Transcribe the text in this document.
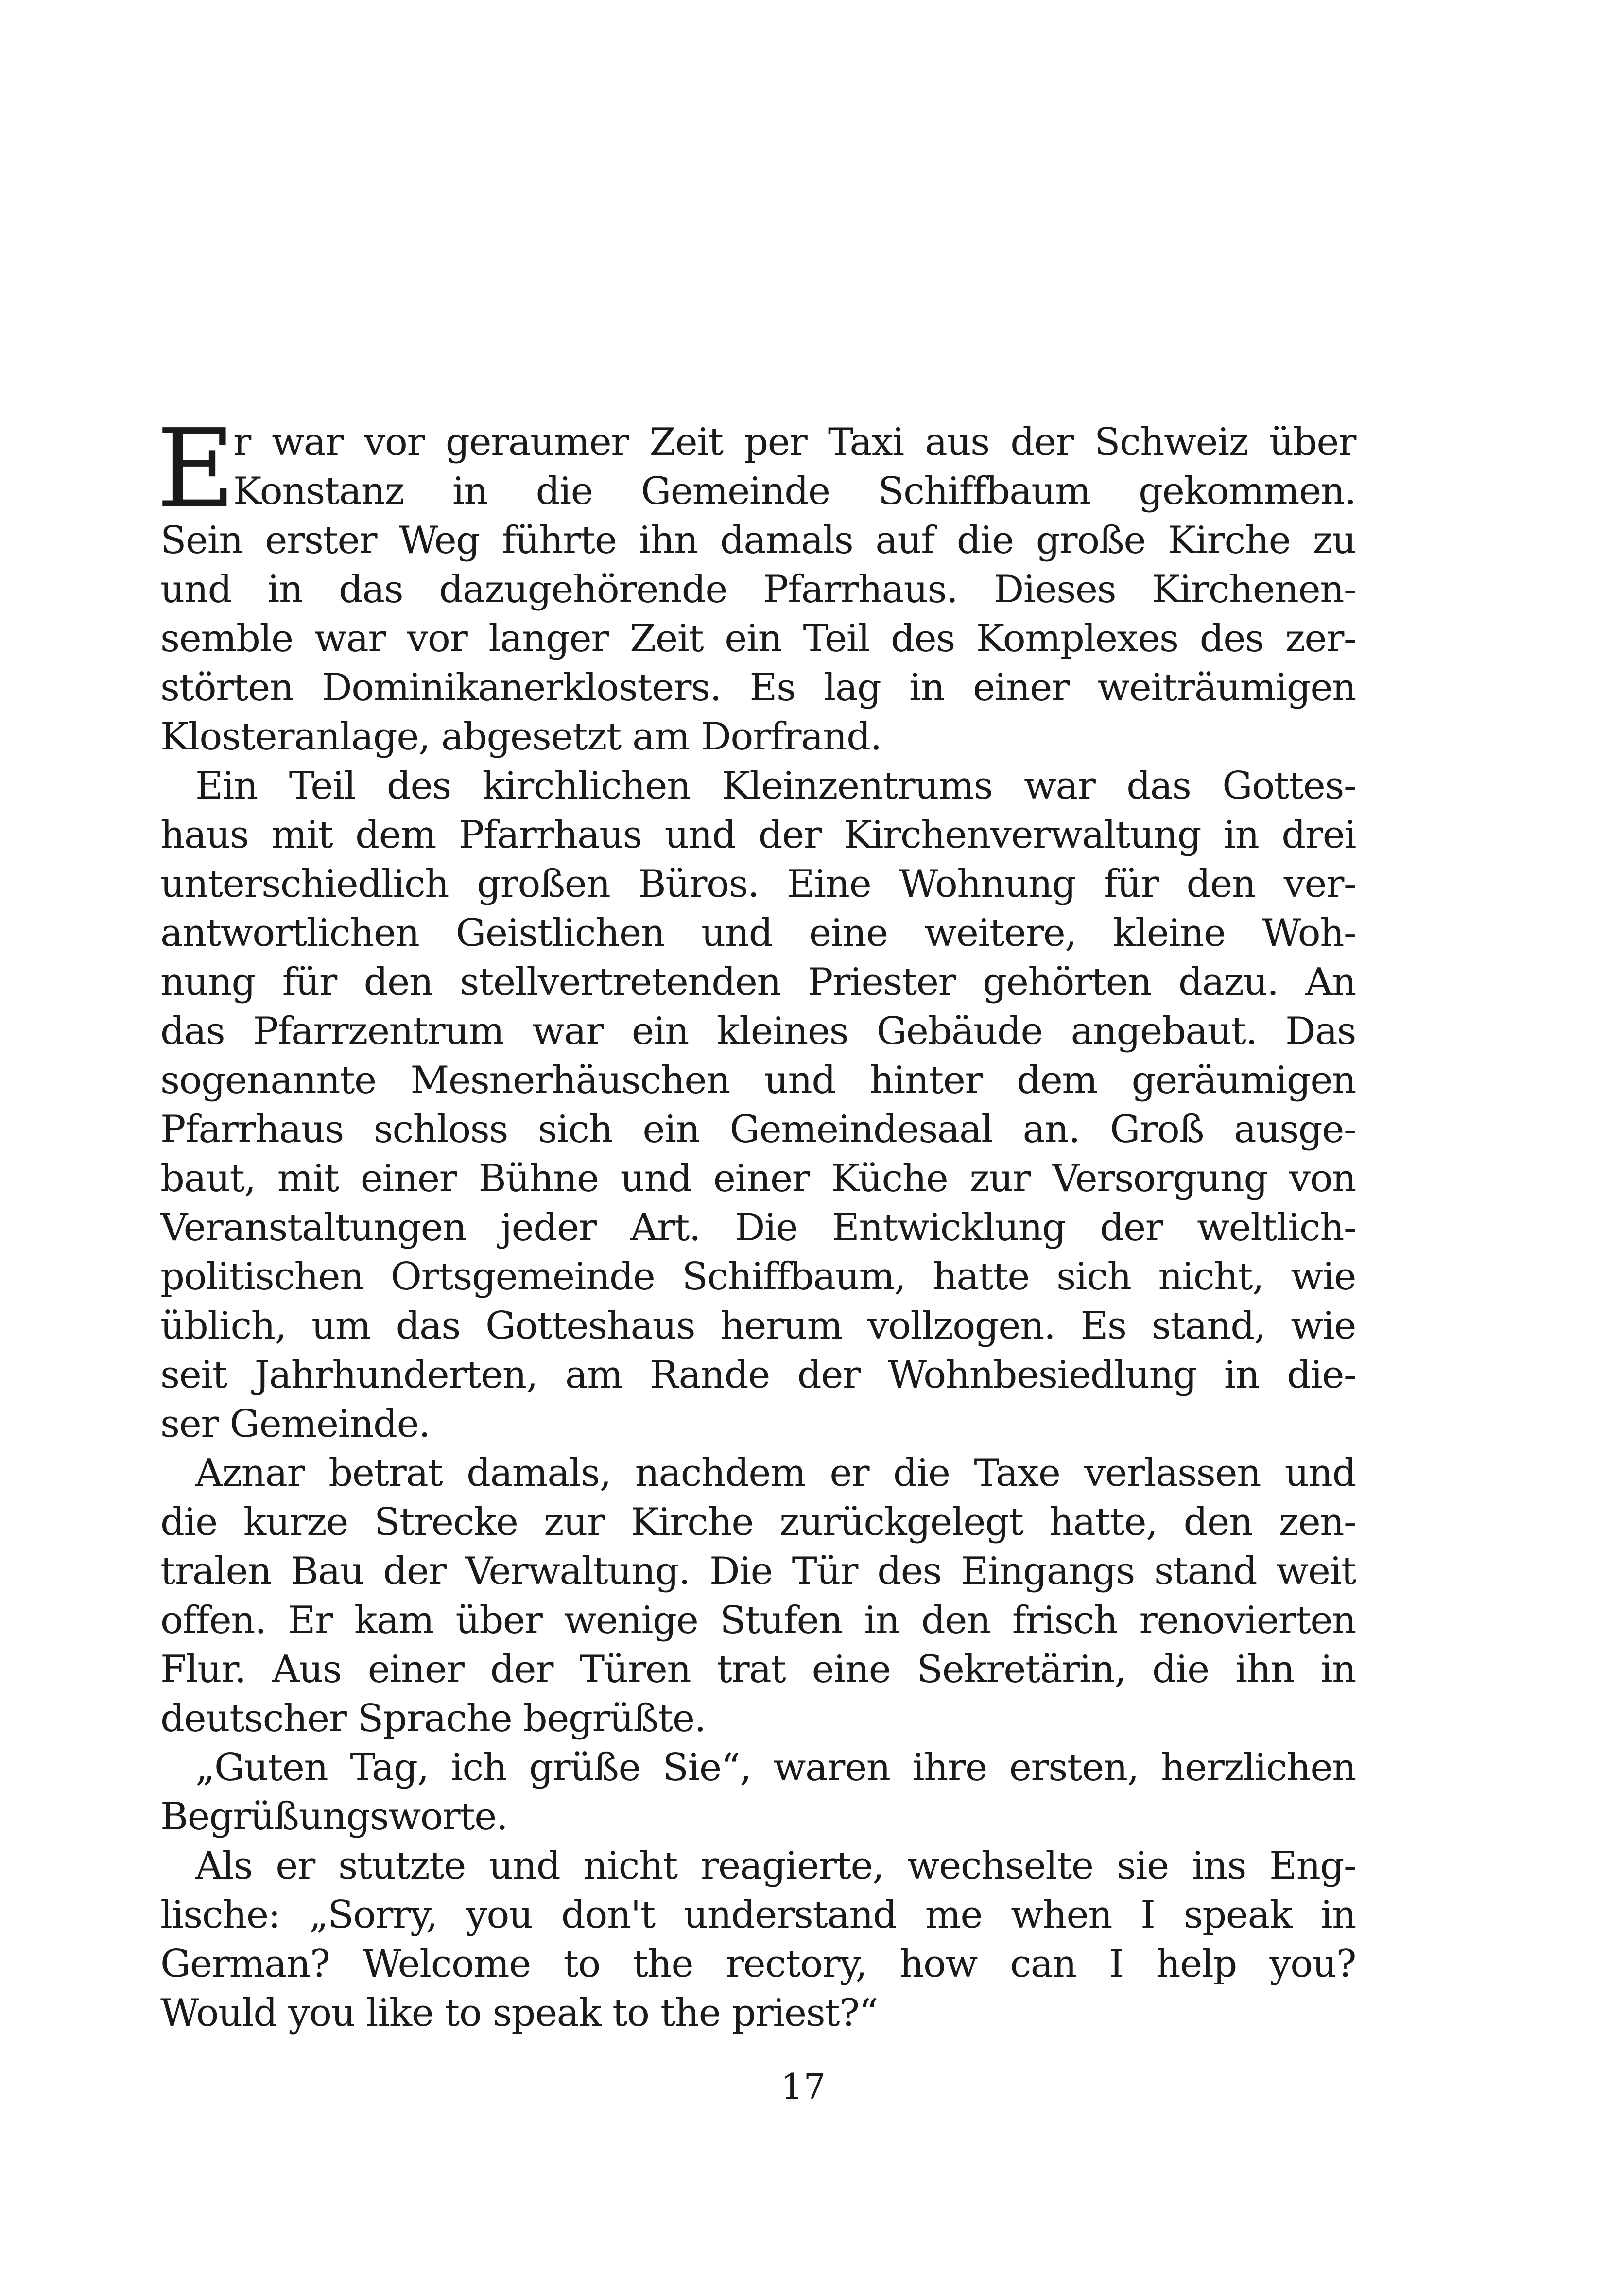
E
r war vor geraumer Zeit per Taxi aus der Schweiz über
Konstanz in die Gemeinde Schiffbaum gekommen.
Sein erster Weg führte ihn damals auf die große Kirche zu
und in das dazugehörende Pfarrhaus. Dieses Kirchenen-
semble war vor langer Zeit ein Teil des Komplexes des zer-
störten Dominikanerklosters. Es lag in einer weiträumigen
Klosteranlage, abgesetzt am Dorfrand.
Ein Teil des kirchlichen Kleinzentrums war das Gottes-
haus mit dem Pfarrhaus und der Kirchenverwaltung in drei
unterschiedlich großen Büros. Eine Wohnung für den ver-
antwortlichen Geistlichen und eine weitere, kleine Woh-
nung für den stellvertretenden Priester gehörten dazu. An
das Pfarrzentrum war ein kleines Gebäude angebaut. Das
sogenannte Mesnerhäuschen und hinter dem geräumigen
Pfarrhaus schloss sich ein Gemeindesaal an. Groß ausge-
baut, mit einer Bühne und einer Küche zur Versorgung von
Veranstaltungen jeder Art. Die Entwicklung der weltlich-
politischen Ortsgemeinde Schiffbaum, hatte sich nicht, wie
üblich, um das Gotteshaus herum vollzogen. Es stand, wie
seit Jahrhunderten, am Rande der Wohnbesiedlung in die-
ser Gemeinde.
Aznar betrat damals, nachdem er die Taxe verlassen und
die kurze Strecke zur Kirche zurückgelegt hatte, den zen-
tralen Bau der Verwaltung. Die Tür des Eingangs stand weit
offen. Er kam über wenige Stufen in den frisch renovierten
Flur. Aus einer der Türen trat eine Sekretärin, die ihn in
deutscher Sprache begrüßte.
„Guten Tag, ich grüße Sie“, waren ihre ersten, herzlichen
Begrüßungsworte.
Als er stutzte und nicht reagierte, wechselte sie ins Eng-
lische: „Sorry, you don't understand me when I speak in
German? Welcome to the rectory, how can I help you?
Would you like to speak to the priest?“
17
